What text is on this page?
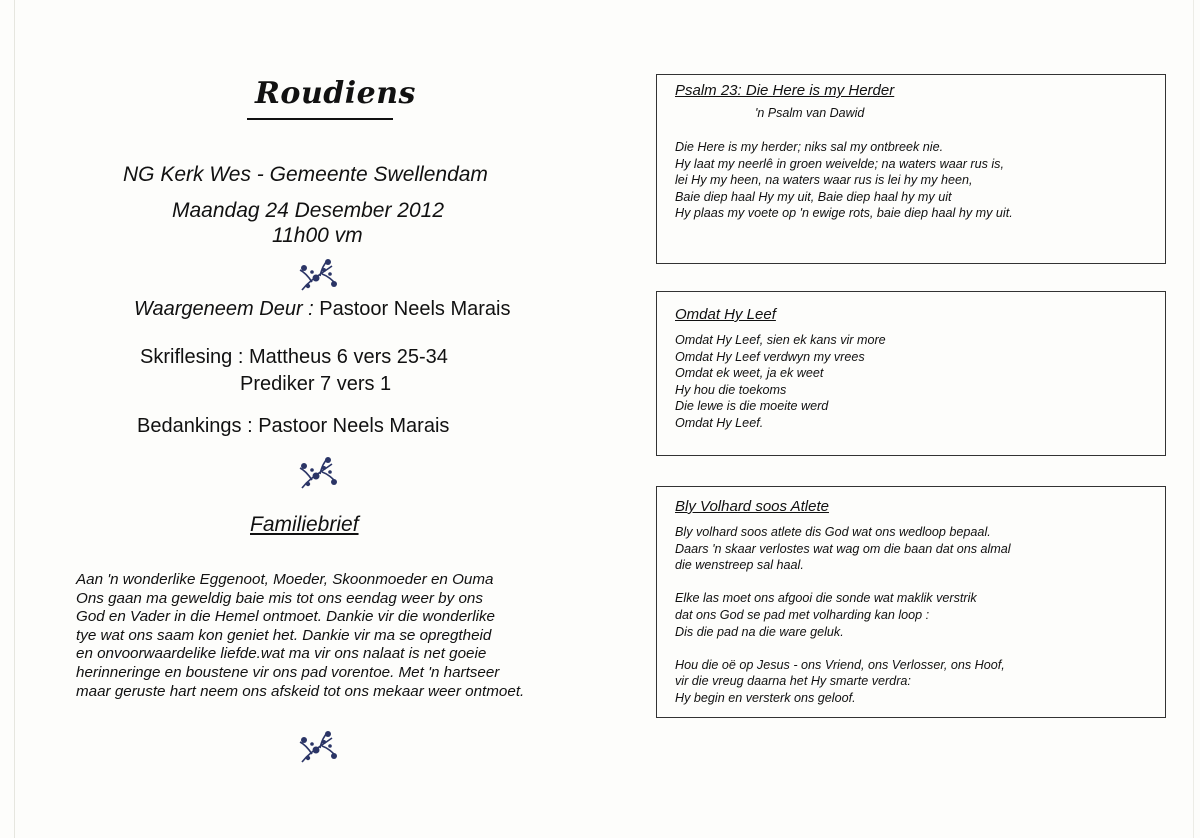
Roudiens
NG Kerk Wes - Gemeente Swellendam
Maandag 24 Desember 2012
11h00 vm
Waargeneem Deur : Pastoor Neels Marais
Skriflesing : Mattheus 6 vers 25-34
Prediker 7 vers 1
Bedankings : Pastoor Neels Marais
Familiebrief
Aan 'n wonderlike Eggenoot, Moeder, Skoonmoeder en Ouma
Ons gaan ma geweldig baie mis tot ons eendag weer by ons
God en Vader in die Hemel ontmoet. Dankie vir die wonderlike
tye wat ons saam kon geniet het. Dankie vir ma se opregtheid
en onvoorwaardelike liefde.wat ma vir ons nalaat is net goeie
herinneringe en boustene vir ons pad vorentoe. Met 'n hartseer
maar geruste hart neem ons afskeid tot ons mekaar weer ontmoet.
Psalm 23: Die Here is my Herder
'n Psalm van Dawid
Die Here is my herder; niks sal my ontbreek nie.
Hy laat my neerlê in groen weivelde; na waters waar rus is,
lei Hy my heen, na waters waar rus is lei hy my heen,
Baie diep haal Hy my uit, Baie diep haal hy my uit
Hy plaas my voete op 'n ewige rots, baie diep haal hy my uit.
Omdat Hy Leef
Omdat Hy Leef, sien ek kans vir more
Omdat Hy Leef verdwyn my vrees
Omdat ek weet, ja ek weet
Hy hou die toekoms
Die lewe is die moeite werd
Omdat Hy Leef.
Bly Volhard soos Atlete
Bly volhard soos atlete dis God wat ons wedloop bepaal.
Daars 'n skaar verlostes wat wag om die baan dat ons almal
die wenstreep sal haal.
Elke las moet ons afgooi die sonde wat maklik verstrik
dat ons God se pad met volharding kan loop :
Dis die pad na die ware geluk.
Hou die oë op Jesus - ons Vriend, ons Verlosser, ons Hoof,
vir die vreug daarna het Hy smarte verdra:
Hy begin en versterk ons geloof.
